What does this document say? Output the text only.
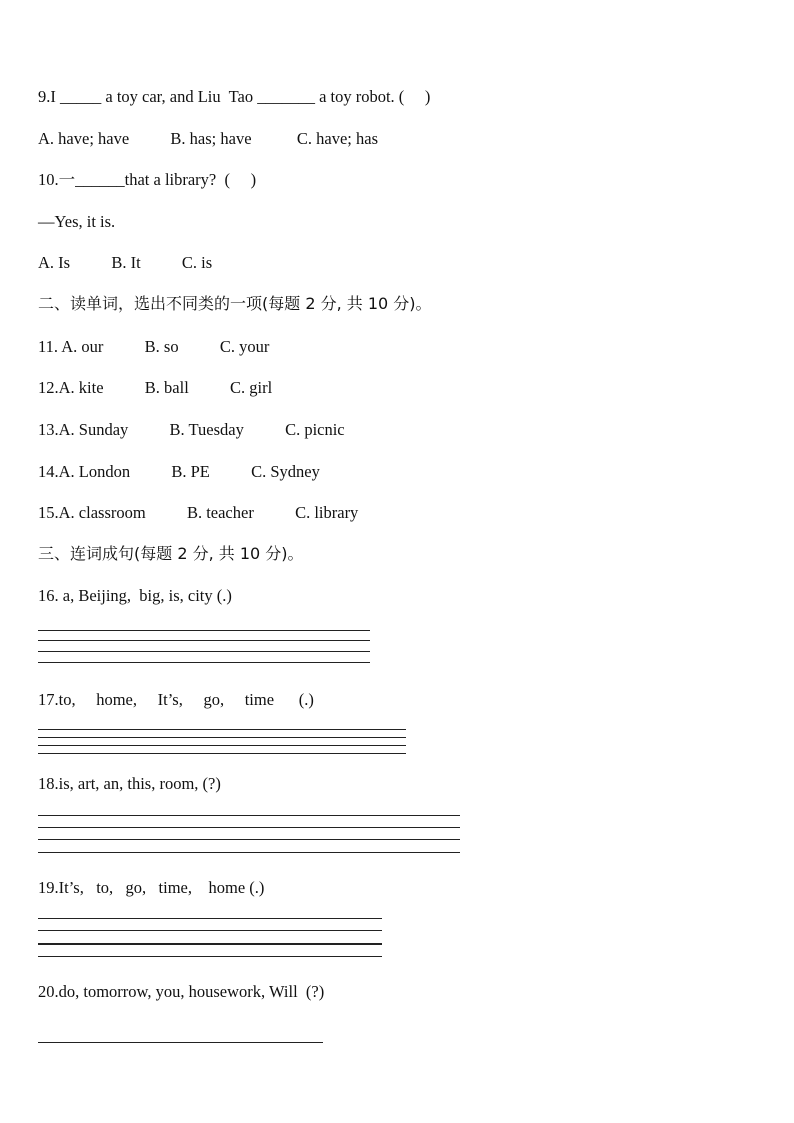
9.I _____ a toy car, and Liu  Tao _______ a toy robot. (     )
A. have; have          B. has; have           C. have; has
10.一______that a library?  (     )
—Yes, it is.
A. Is          B. It          C. is
二、读单词，选出不同类的一项(每题 2 分, 共 10 分)。
11. A. our          B. so          C. your
12.A. kite          B. ball          C. girl
13.A. Sunday          B. Tuesday          C. picnic
14.A. London          B. PE          C. Sydney
15.A. classroom          B. teacher          C. library
三、连词成句(每题 2 分, 共 10 分)。
16. a, Beijing,  big, is, city (.)
17.to,     home,     It’s,     go,     time      (.)
18.is, art, an, this, room, (?)
19.It’s,   to,   go,   time,    home (.)
20.do, tomorrow, you, housework, Will  (?)
